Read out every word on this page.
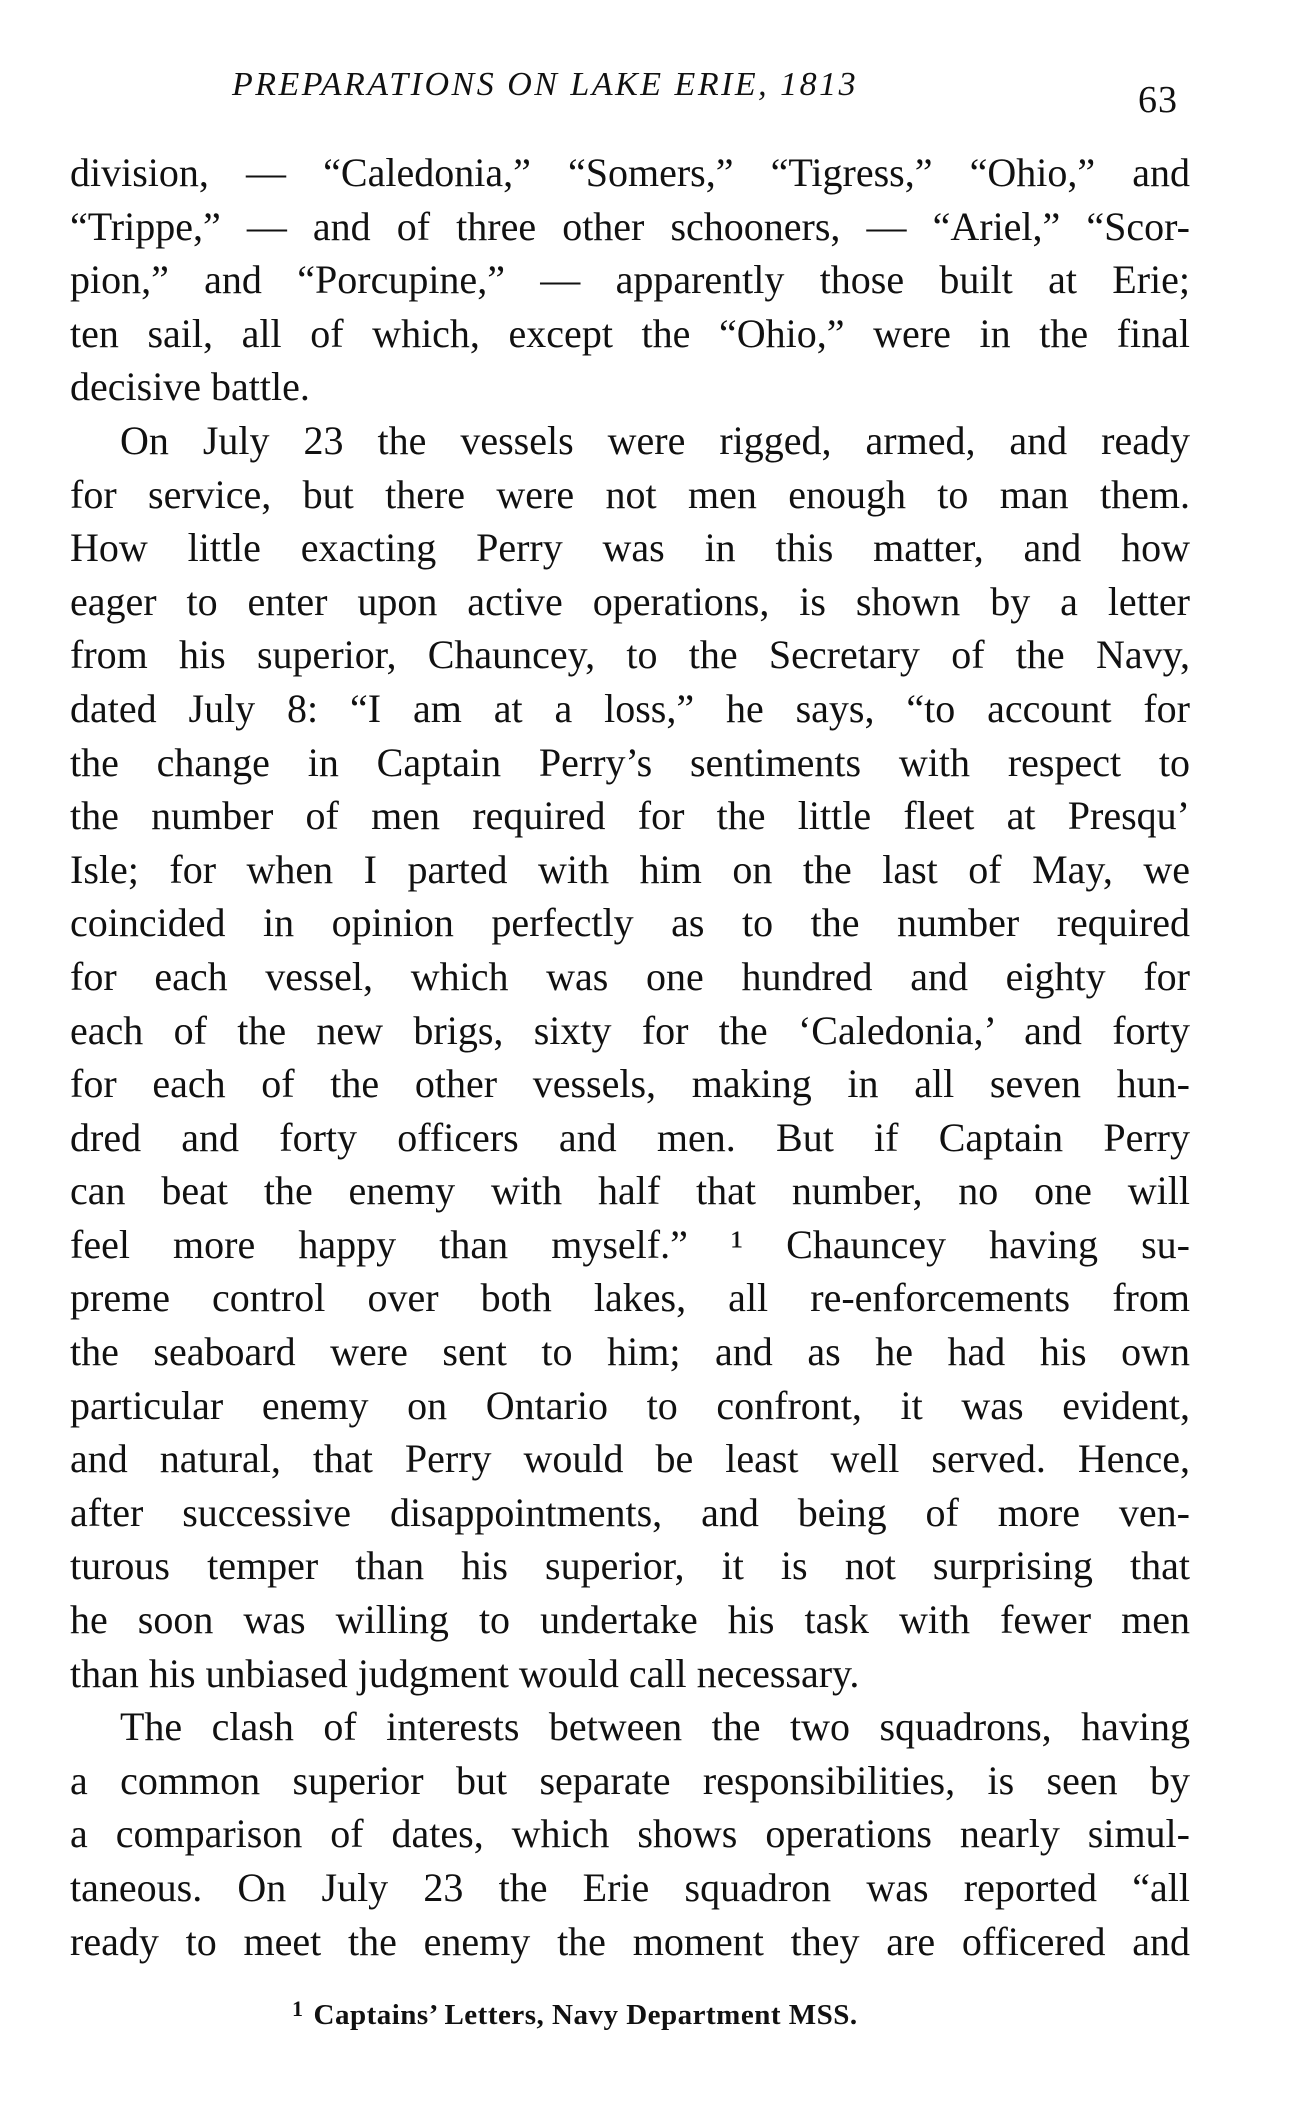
PREPARATIONS ON LAKE ERIE, 1813	63
division, — “Caledonia,” “Somers,” “Tigress,” “Ohio,” and
“Trippe,” — and of three other schooners, — “Ariel,” “Scor-
pion,” and “Porcupine,” — apparently those built at Erie;
ten sail, all of which, except the “Ohio,” were in the final
decisive battle.
On July 23 the vessels were rigged, armed, and ready
for service, but there were not men enough to man them.
How little exacting Perry was in this matter, and how
eager to enter upon active operations, is shown by a letter
from his superior, Chauncey, to the Secretary of the Navy,
dated July 8: “I am at a loss,” he says, “to account for
the change in Captain Perry’s sentiments with respect to
the number of men required for the little fleet at Presqu’
Isle; for when I parted with him on the last of May, we
coincided in opinion perfectly as to the number required
for each vessel, which was one hundred and eighty for
each of the new brigs, sixty for the ‘Caledonia,’ and forty
for each of the other vessels, making in all seven hun-
dred and forty officers and men. But if Captain Perry
can beat the enemy with half that number, no one will
feel more happy than myself.” ¹ Chauncey having su-
preme control over both lakes, all re-enforcements from
the seaboard were sent to him; and as he had his own
particular enemy on Ontario to confront, it was evident,
and natural, that Perry would be least well served. Hence,
after successive disappointments, and being of more ven-
turous temper than his superior, it is not surprising that
he soon was willing to undertake his task with fewer men
than his unbiased judgment would call necessary.
The clash of interests between the two squadrons, having
a common superior but separate responsibilities, is seen by
a comparison of dates, which shows operations nearly simul-
taneous. On July 23 the Erie squadron was reported “all
ready to meet the enemy the moment they are officered and
$^1$ Captains’ Letters, Navy Department MSS.
